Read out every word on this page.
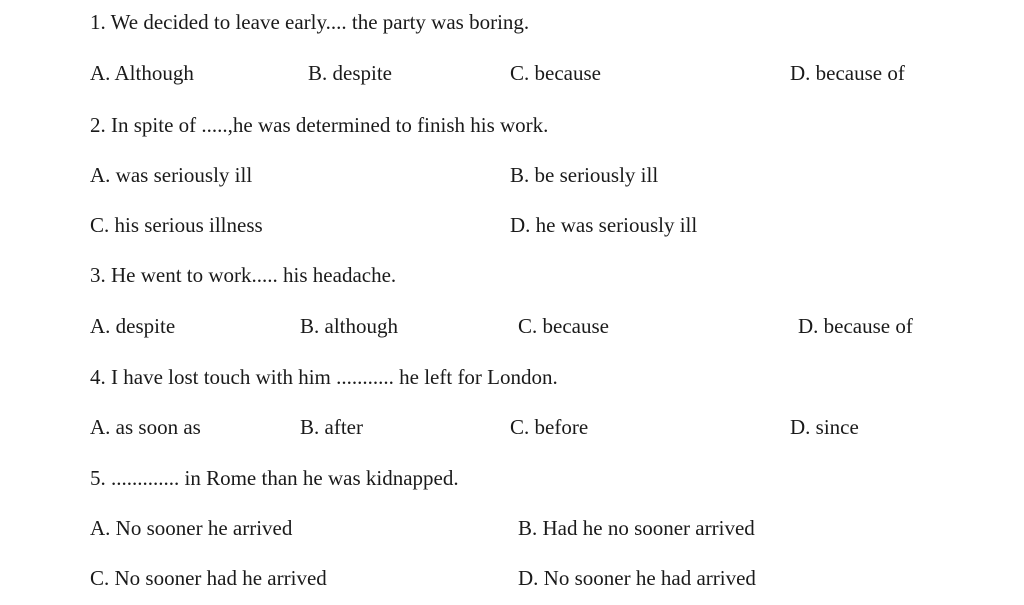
1. We decided to leave early.... the party was boring.
A. Although	B. despite	C. because	D. because of
2. In spite of .....,he was determined to finish his work.
A. was seriously ill	B. be seriously ill
C. his serious illness	D. he was seriously ill
3. He went to work..... his headache.
A. despite	B. although	C. because	D. because of
4. I have lost touch with him ........... he left for London.
A. as soon as	B. after	C. before	D. since
5. ............. in Rome than he was kidnapped.
A. No sooner he arrived	B. Had he no sooner arrived
C. No sooner had he arrived	D. No sooner he had arrived
